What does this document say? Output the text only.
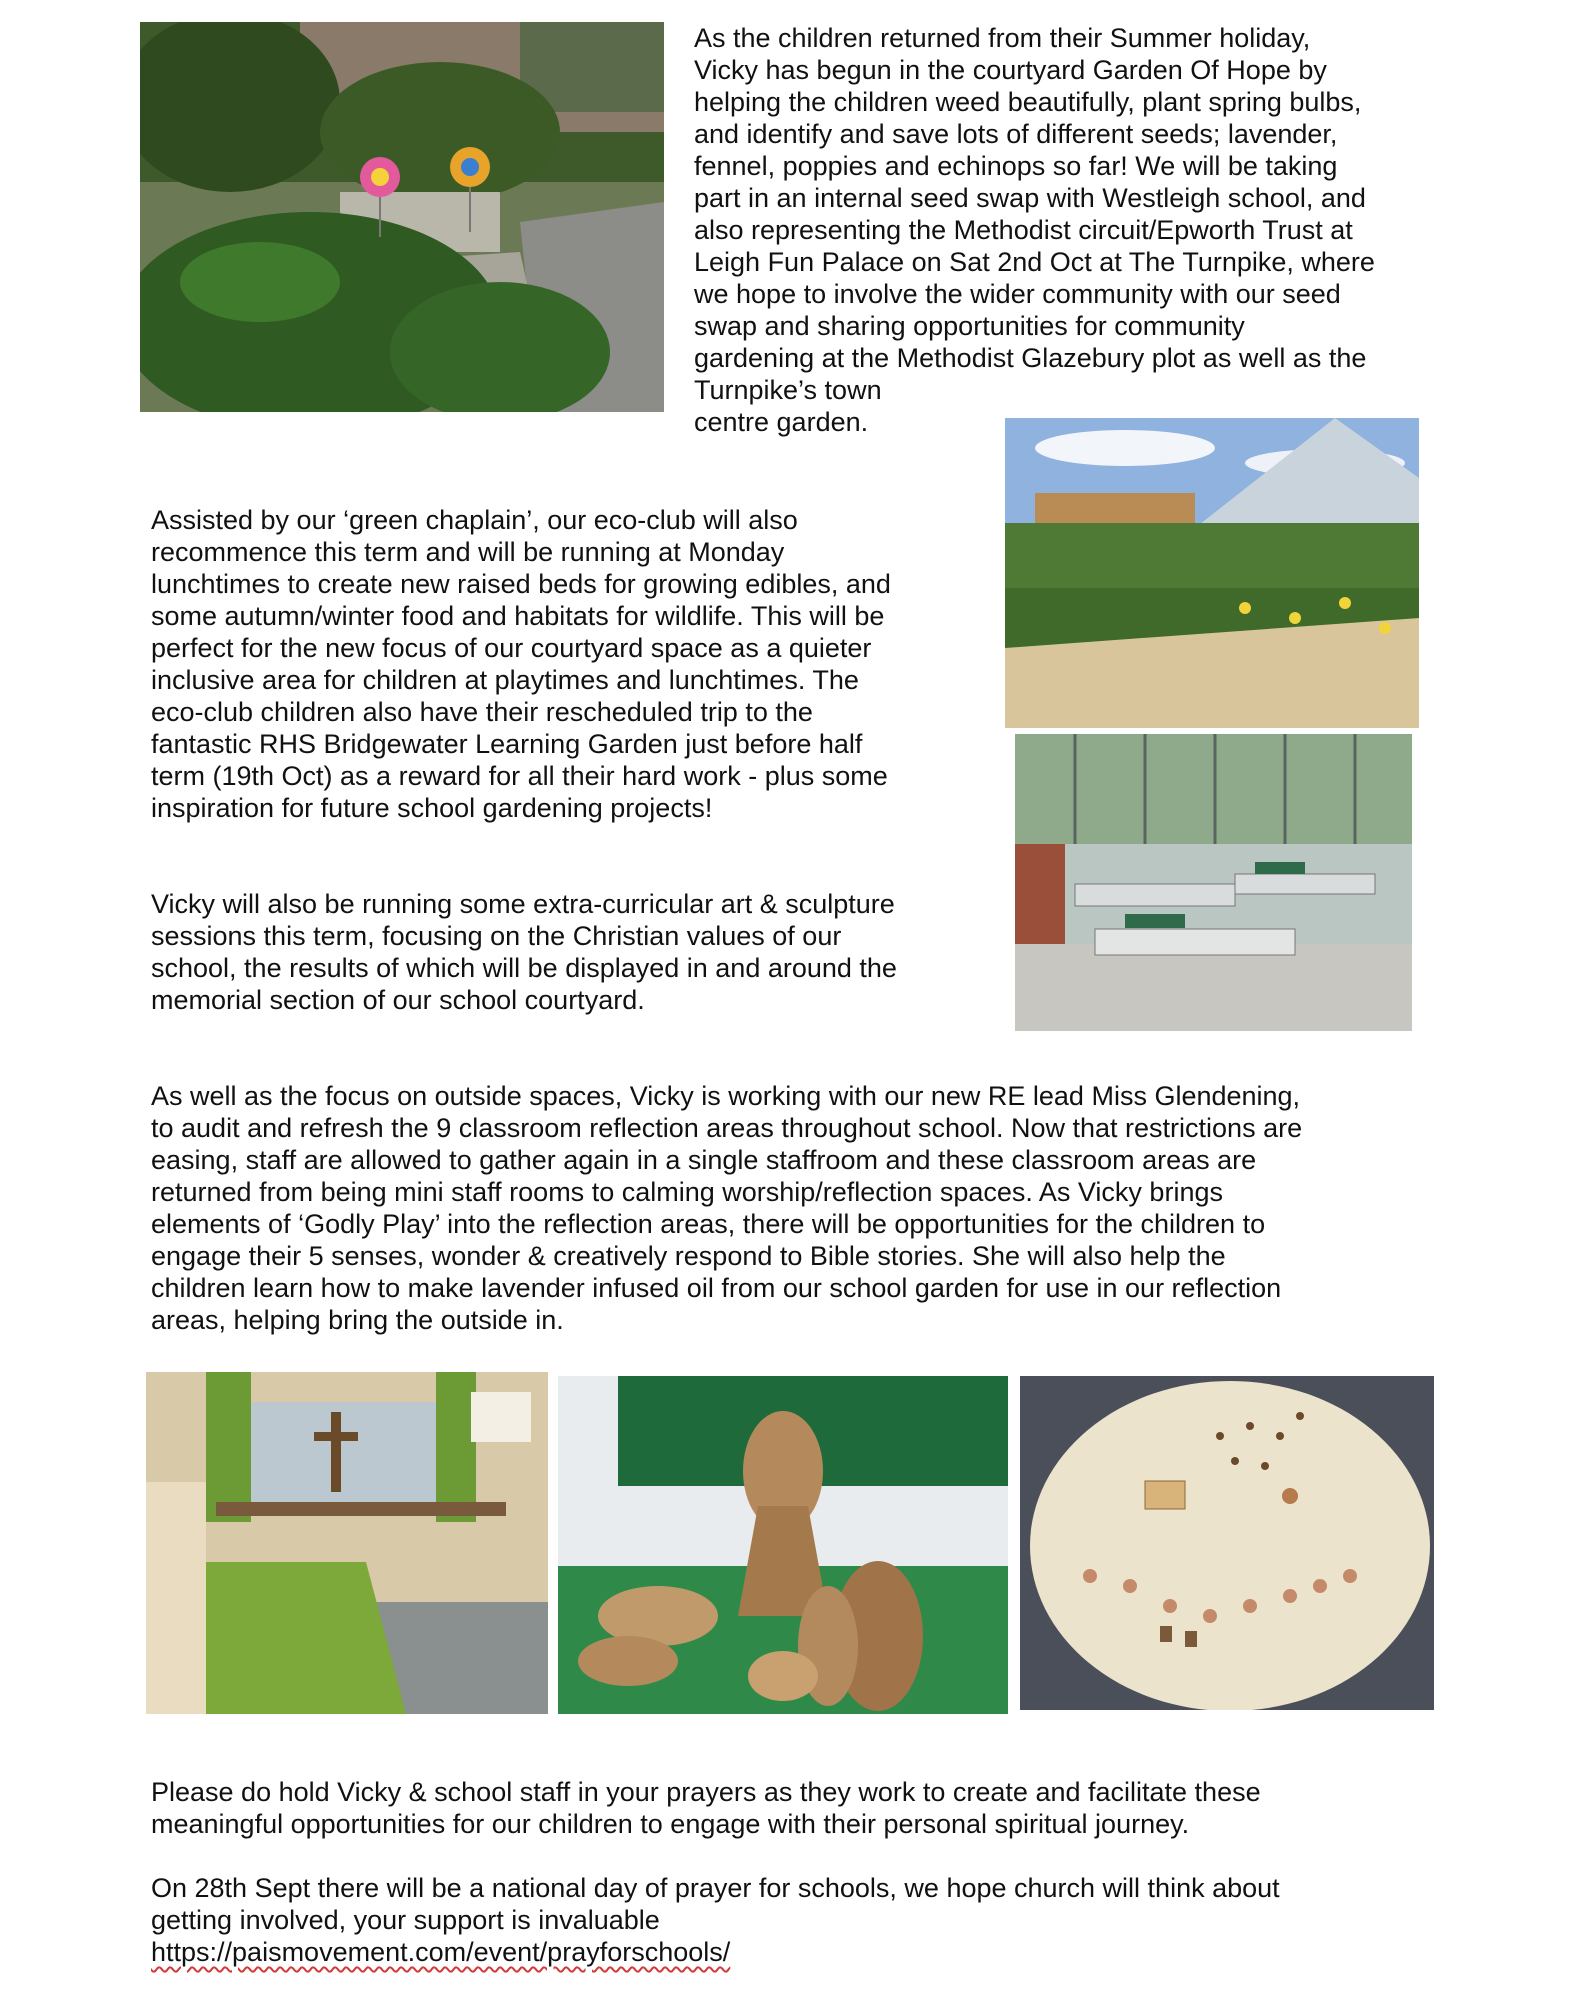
As the children returned from their Summer holiday,
Vicky has begun in the courtyard Garden Of Hope by
helping the children weed beautifully, plant spring bulbs,
and identify and save lots of different seeds; lavender,
fennel, poppies and echinops so far! We will be taking
part in an internal seed swap with Westleigh school, and
also representing the Methodist circuit/Epworth Trust at
Leigh Fun Palace on Sat 2nd Oct at The Turnpike, where
we hope to involve the wider community with our seed
swap and sharing opportunities for community
gardening at the Methodist Glazebury plot as well as the
Turnpike’s town
centre garden.

Assisted by our ‘green chaplain’, our eco-club will also
recommence this term and will be running at Monday
lunchtimes to create new raised beds for growing edibles, and
some autumn/winter food and habitats for wildlife. This will be
perfect for the new focus of our courtyard space as a quieter
inclusive area for children at playtimes and lunchtimes. The
eco-club children also have their rescheduled trip to the
fantastic RHS Bridgewater Learning Garden just before half
term (19th Oct) as a reward for all their hard work - plus some
inspiration for future school gardening projects!

Vicky will also be running some extra-curricular art & sculpture
sessions this term, focusing on the Christian values of our
school, the results of which will be displayed in and around the
memorial section of our school courtyard.

As well as the focus on outside spaces, Vicky is working with our new RE lead Miss Glendening,
to audit and refresh the 9 classroom reflection areas throughout school. Now that restrictions are
easing, staff are allowed to gather again in a single staffroom and these classroom areas are
returned from being mini staff rooms to calming worship/reflection spaces. As Vicky brings
elements of ‘Godly Play’ into the reflection areas, there will be opportunities for the children to
engage their 5 senses, wonder & creatively respond to Bible stories. She will also help the
children learn how to make lavender infused oil from our school garden for use in our reflection
areas, helping bring the outside in.

Please do hold Vicky & school staff in your prayers as they work to create and facilitate these
meaningful opportunities for our children to engage with their personal spiritual journey.

On 28th Sept there will be a national day of prayer for schools, we hope church will think about
getting involved, your support is invaluable

https://paismovement.com/event/prayforschools/
